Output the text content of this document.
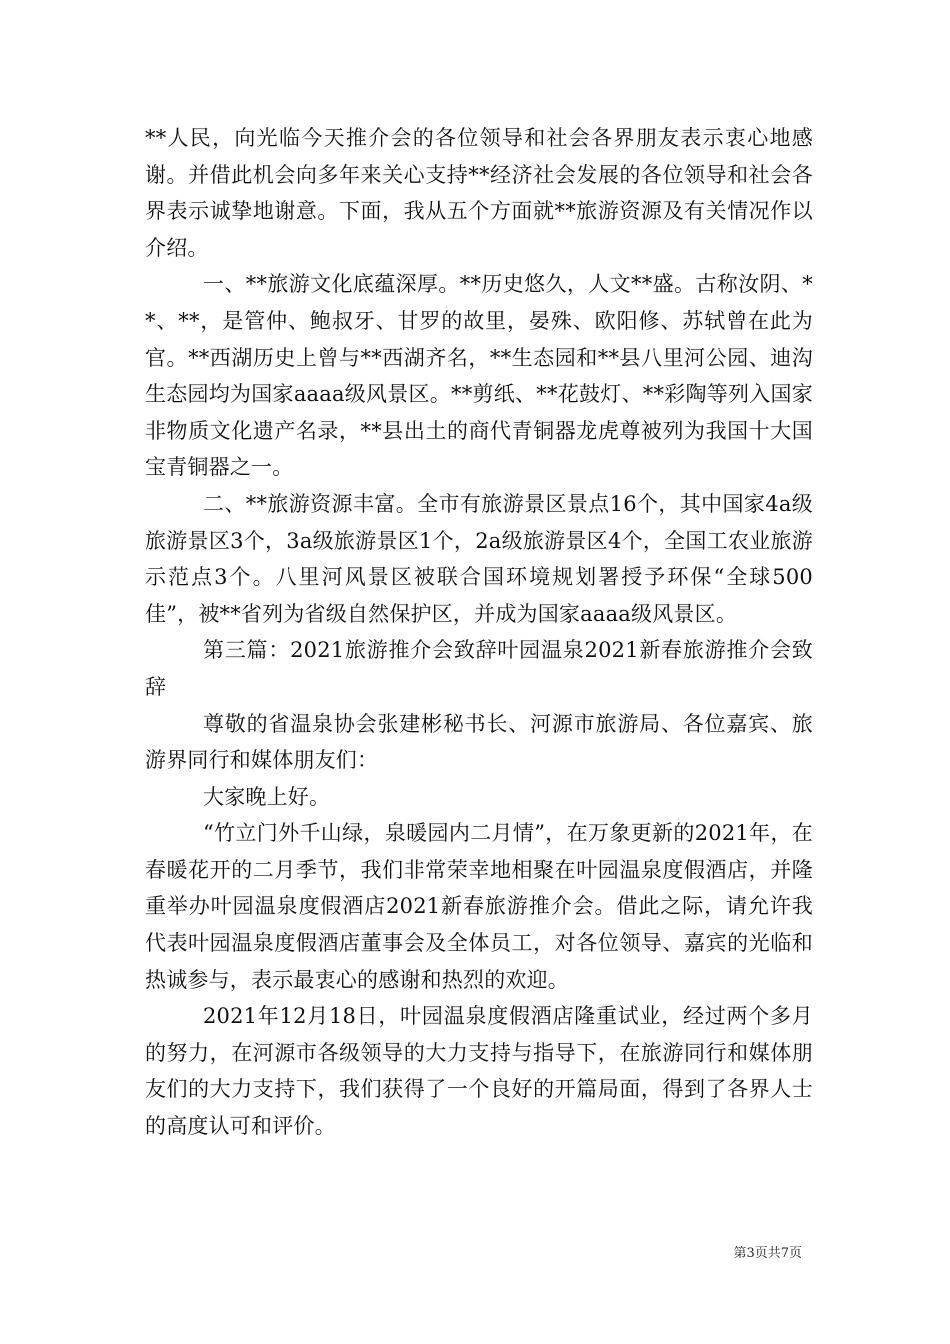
**人民，向光临今天推介会的各位领导和社会各界朋友表示衷心地感谢。并借此机会向多年来关心支持**经济社会发展的各位领导和社会各界表示诚挚地谢意。下面，我从五个方面就**旅游资源及有关情况作以介绍。

一、**旅游文化底蕴深厚。**历史悠久，人文**盛。古称汝阴、**、**，是管仲、鲍叔牙、甘罗的故里，晏殊、欧阳修、苏轼曾在此为官。**西湖历史上曾与**西湖齐名，**生态园和**县八里河公园、迪沟生态园均为国家aaaa级风景区。**剪纸、**花鼓灯、**彩陶等列入国家非物质文化遗产名录，**县出土的商代青铜器龙虎尊被列为我国十大国宝青铜器之一。

二、**旅游资源丰富。全市有旅游景区景点16个，其中国家4a级旅游景区3个，3a级旅游景区1个，2a级旅游景区4个，全国工农业旅游示范点3个。八里河风景区被联合国环境规划署授予环保“全球500佳”，被**省列为省级自然保护区，并成为国家aaaa级风景区。

第三篇：2021旅游推介会致辞叶园温泉2021新春旅游推介会致辞

尊敬的省温泉协会张建彬秘书长、河源市旅游局、各位嘉宾、旅游界同行和媒体朋友们：

大家晚上好。

“竹立门外千山绿，泉暖园内二月情”，在万象更新的2021年，在春暖花开的二月季节，我们非常荣幸地相聚在叶园温泉度假酒店，并隆重举办叶园温泉度假酒店2021新春旅游推介会。借此之际，请允许我代表叶园温泉度假酒店董事会及全体员工，对各位领导、嘉宾的光临和热诚参与，表示最衷心的感谢和热烈的欢迎。

2021年12月18日，叶园温泉度假酒店隆重试业，经过两个多月的努力，在河源市各级领导的大力支持与指导下，在旅游同行和媒体朋友们的大力支持下，我们获得了一个良好的开篇局面，得到了各界人士的高度认可和评价。

第3页共7页
